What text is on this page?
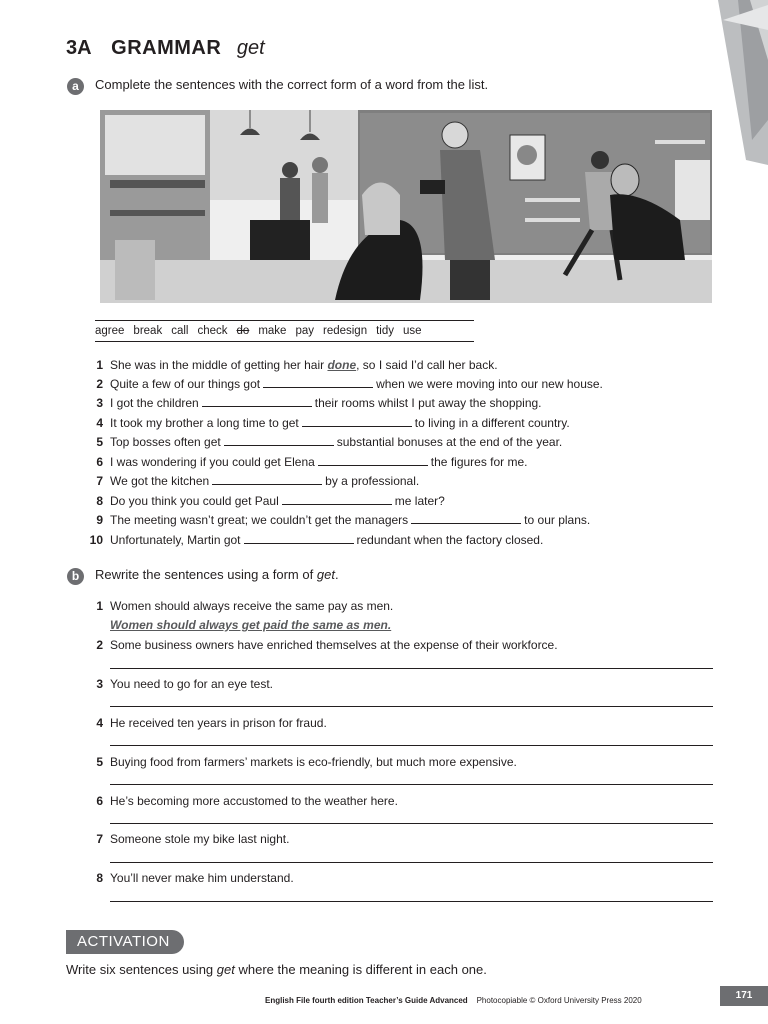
3A GRAMMAR get
a	Complete the sentences with the correct form of a word from the list.
agree break call check do make pay redesign tidy use
1 She was in the middle of getting her hair done, so I said I’d call her back.
2 Quite a few of our things got	when we were moving into our new house.
3 I got the children	their rooms whilst I put away the shopping.
4 It took my brother a long time to get	to living in a different country.
5 Top bosses often get	substantial bonuses at the end of the year.
6 I was wondering if you could get Elena	the figures for me.
7 We got the kitchen	by a professional.
8 Do you think you could get Paul	me later?
9 The meeting wasn’t great; we couldn’t get the managers	to our plans.
10 Unfortunately, Martin got	redundant when the factory closed.
b	Rewrite the sentences using a form of get.
1 Women should always receive the same pay as men.
Women should always get paid the same as men.
2 Some business owners have enriched themselves at the expense of their workforce.
3 You need to go for an eye test.
4 He received ten years in prison for fraud.
5 Buying food from farmers’ markets is eco-friendly, but much more expensive.
6 He’s becoming more accustomed to the weather here.
7 Someone stole my bike last night.
8 You’ll never make him understand.
ACTIVATION
Write six sentences using get where the meaning is different in each one.
English File fourth edition Teacher’s Guide Advanced Photocopiable © Oxford University Press 2020	171
